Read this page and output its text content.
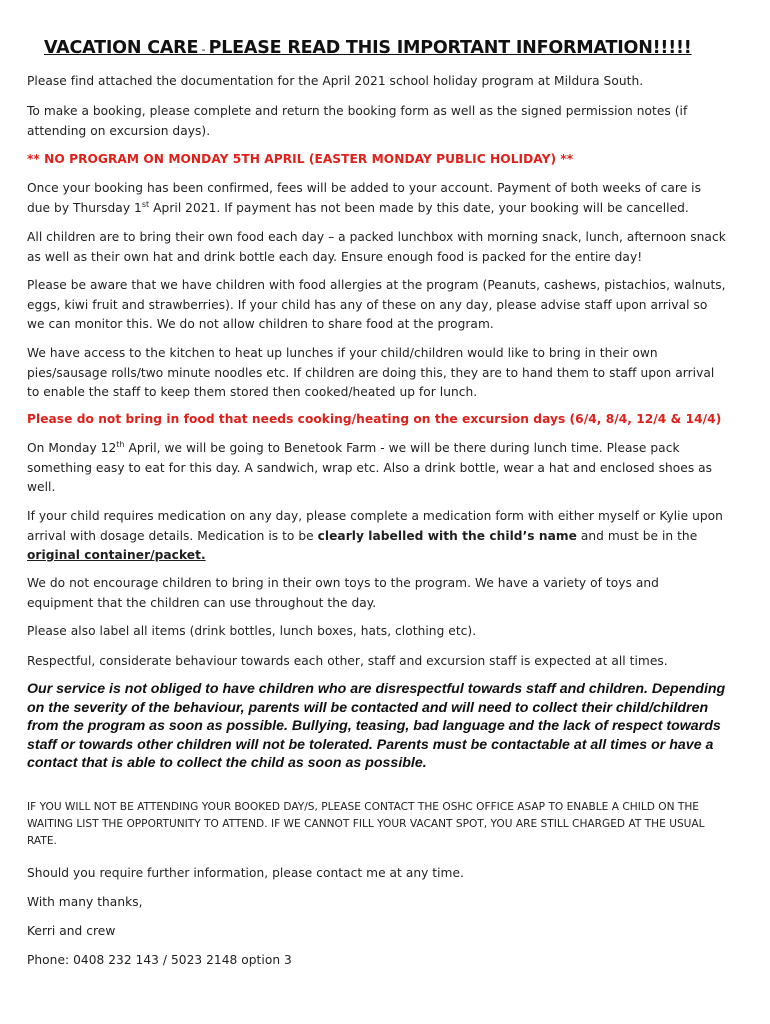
VACATION CARE - PLEASE READ THIS IMPORTANT INFORMATION!!!!!
Please find attached the documentation for the April 2021 school holiday program at Mildura South.
To make a booking, please complete and return the booking form as well as the signed permission notes (if attending on excursion days).
** NO PROGRAM ON MONDAY 5TH APRIL (EASTER MONDAY PUBLIC HOLIDAY) **
Once your booking has been confirmed, fees will be added to your account. Payment of both weeks of care is due by Thursday 1st April 2021. If payment has not been made by this date, your booking will be cancelled.
All children are to bring their own food each day – a packed lunchbox with morning snack, lunch, afternoon snack as well as their own hat and drink bottle each day. Ensure enough food is packed for the entire day!
Please be aware that we have children with food allergies at the program (Peanuts, cashews, pistachios, walnuts, eggs, kiwi fruit and strawberries). If your child has any of these on any day, please advise staff upon arrival so we can monitor this. We do not allow children to share food at the program.
We have access to the kitchen to heat up lunches if your child/children would like to bring in their own pies/sausage rolls/two minute noodles etc. If children are doing this, they are to hand them to staff upon arrival to enable the staff to keep them stored then cooked/heated up for lunch.
Please do not bring in food that needs cooking/heating on the excursion days (6/4, 8/4, 12/4 & 14/4)
On Monday 12th April, we will be going to Benetook Farm - we will be there during lunch time. Please pack something easy to eat for this day. A sandwich, wrap etc. Also a drink bottle, wear a hat and enclosed shoes as well.
If your child requires medication on any day, please complete a medication form with either myself or Kylie upon arrival with dosage details. Medication is to be clearly labelled with the child’s name and must be in the original container/packet.
We do not encourage children to bring in their own toys to the program. We have a variety of toys and equipment that the children can use throughout the day.
Please also label all items (drink bottles, lunch boxes, hats, clothing etc).
Respectful, considerate behaviour towards each other, staff and excursion staff is expected at all times.
Our service is not obliged to have children who are disrespectful towards staff and children. Depending on the severity of the behaviour, parents will be contacted and will need to collect their child/children from the program as soon as possible. Bullying, teasing, bad language and the lack of respect towards staff or towards other children will not be tolerated. Parents must be contactable at all times or have a contact that is able to collect the child as soon as possible.
IF YOU WILL NOT BE ATTENDING YOUR BOOKED DAY/S, PLEASE CONTACT THE OSHC OFFICE ASAP TO ENABLE A CHILD ON THE WAITING LIST THE OPPORTUNITY TO ATTEND. IF WE CANNOT FILL YOUR VACANT SPOT, YOU ARE STILL CHARGED AT THE USUAL RATE.
Should you require further information, please contact me at any time.
With many thanks,
Kerri and crew
Phone: 0408 232 143 / 5023 2148 option 3
